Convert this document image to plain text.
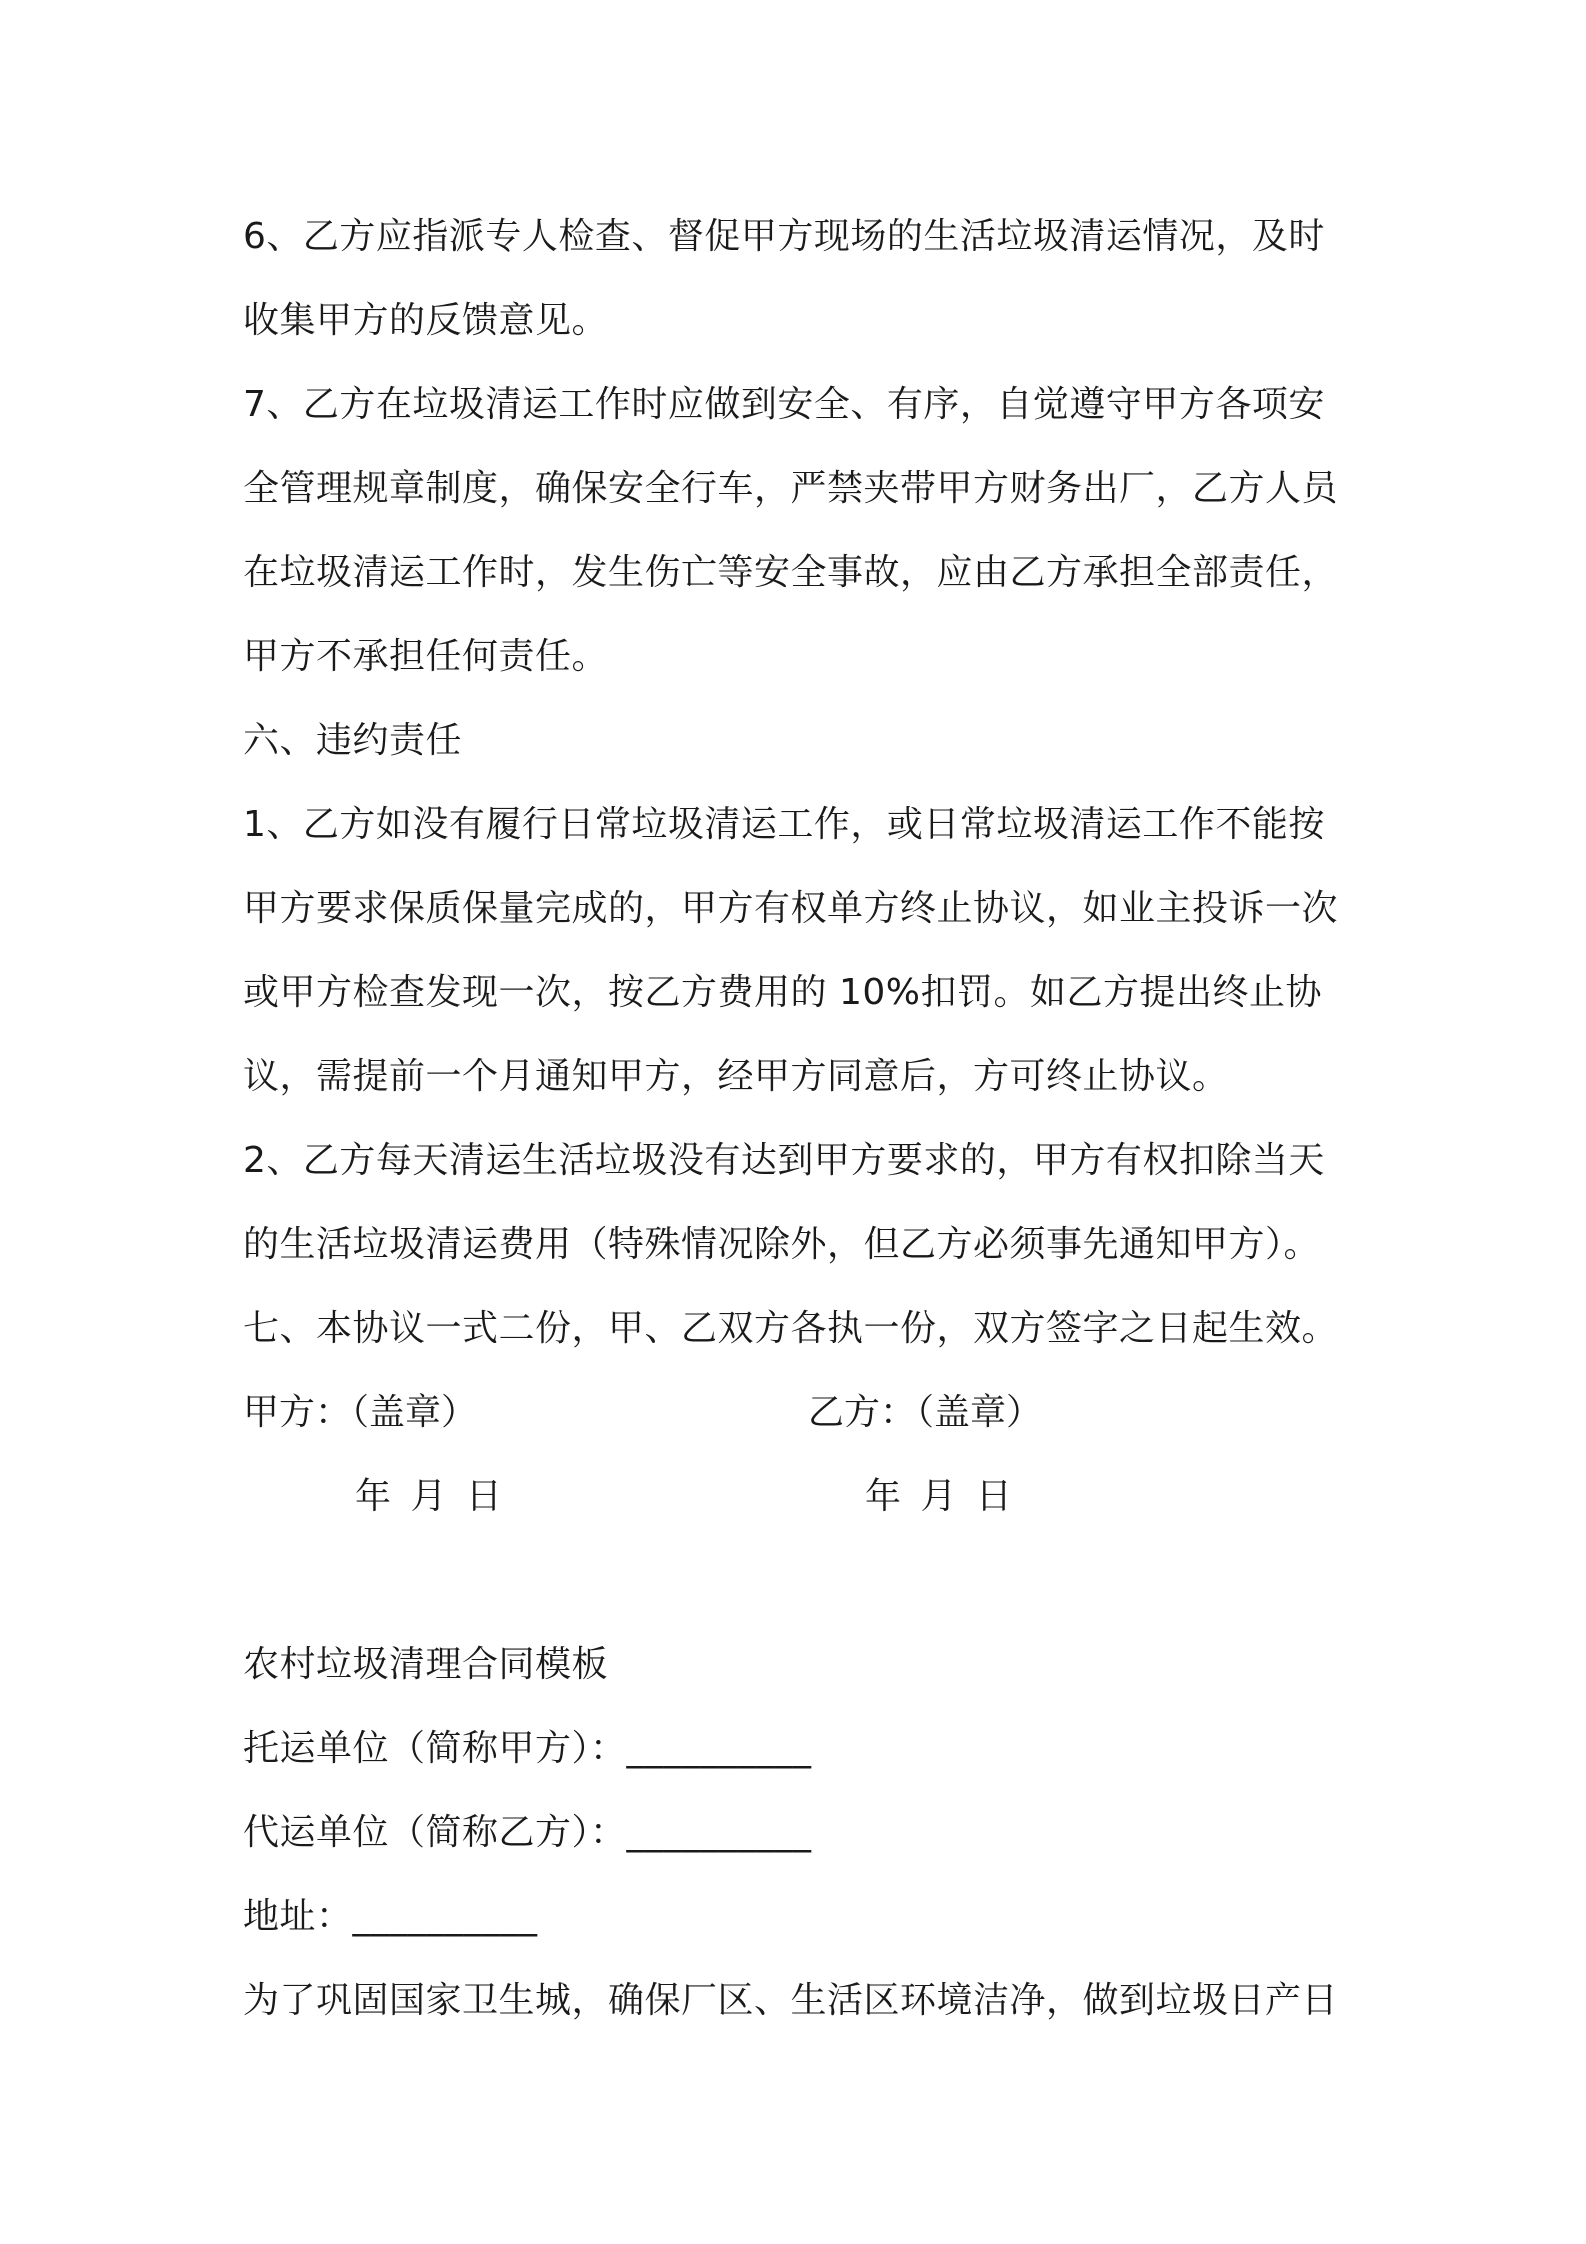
6、乙方应指派专人检查、督促甲方现场的生活垃圾清运情况，及时
收集甲方的反馈意见。
7、乙方在垃圾清运工作时应做到安全、有序，自觉遵守甲方各项安
全管理规章制度，确保安全行车，严禁夹带甲方财务出厂，乙方人员
在垃圾清运工作时，发生伤亡等安全事故，应由乙方承担全部责任，
甲方不承担任何责任。
六、违约责任
1、乙方如没有履行日常垃圾清运工作，或日常垃圾清运工作不能按
甲方要求保质保量完成的，甲方有权单方终止协议，如业主投诉一次
或甲方检查发现一次，按乙方费用的 10%扣罚。如乙方提出终止协
议，需提前一个月通知甲方，经甲方同意后，方可终止协议。
2、乙方每天清运生活垃圾没有达到甲方要求的，甲方有权扣除当天
的生活垃圾清运费用（特殊情况除外，但乙方必须事先通知甲方）。
七、本协议一式二份，甲、乙双方各执一份，双方签字之日起生效。
甲方：（盖章）	乙方：（盖章）
年 月 日	年 月 日
农村垃圾清理合同模板
托运单位（简称甲方）：__________
代运单位（简称乙方）：__________
地址：__________
为了巩固国家卫生城，确保厂区、生活区环境洁净，做到垃圾日产日
